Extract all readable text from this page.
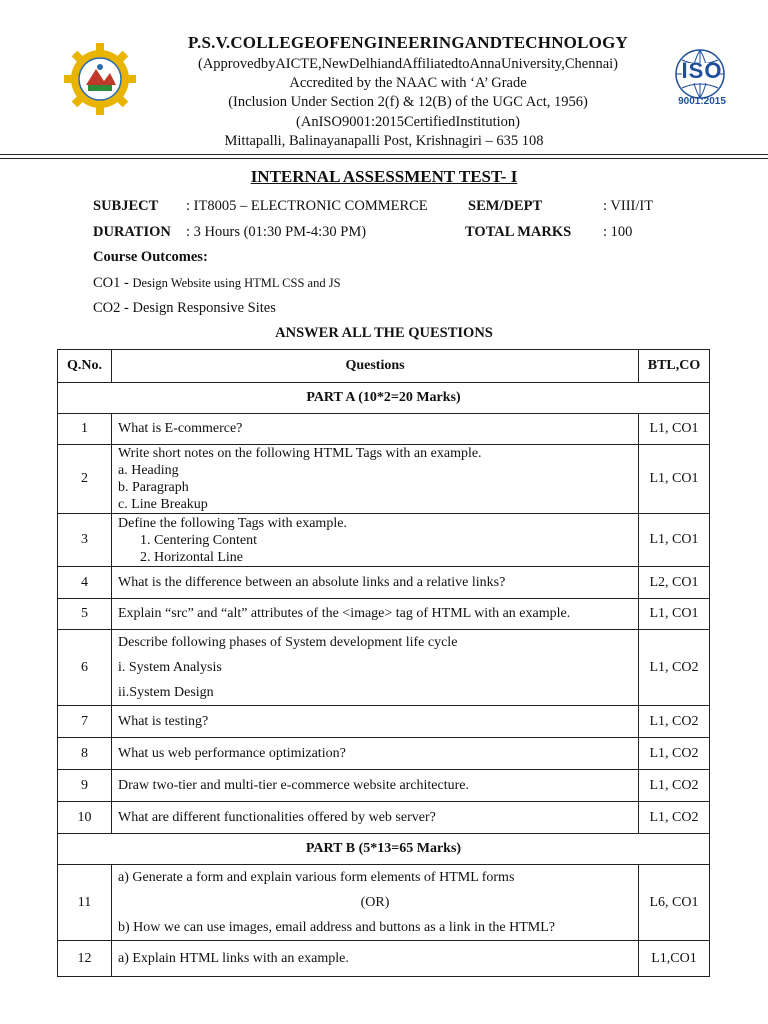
P.S.V.COLLEGEOFENGINEERINGANDTECHNOLOGY
(ApprovedbyAICTE,NewDelhiandAffiliatedtoAnnaUniversity,Chennai)
Accredited by the NAAC with ‘A’ Grade
(Inclusion Under Section 2(f) & 12(B) of the UGC Act, 1956)
(AnISO9001:2015CertifiedInstitution)
Mittapalli, Balinayanapalli Post, Krishnagiri – 635 108
ISO
9001:2015
INTERNAL ASSESSMENT TEST- I
SUBJECT : IT8005 – ELECTRONIC COMMERCE	SEM/DEPT	: VIII/IT
DURATION : 3 Hours (01:30 PM-4:30 PM)	TOTAL MARKS : 100
Course Outcomes:
CO1 - Design Website using HTML CSS and JS
CO2 - Design Responsive Sites
ANSWER ALL THE QUESTIONS
Q.No.	Questions	BTL,CO
PART A (10*2=20 Marks)		
1	What is E-commerce?	L1, CO1
2	Write short notes on the following HTML Tags with an example.
a. Heading
b. Paragraph
c. Line Breakup	L1, CO1
3	Define the following Tags with example.
1. Centering Content
2. Horizontal Line	L1, CO1
4	What is the difference between an absolute links and a relative links?	L2, CO1
5	Explain “src” and “alt” attributes of the <image> tag of HTML with an example.	L1, CO1
6	Describe following phases of System development life cycle
i. System Analysis
ii.System Design	L1, CO2
7	What is testing?	L1, CO2
8	What us web performance optimization?	L1, CO2
9	Draw two-tier and multi-tier e-commerce website architecture.	L1, CO2
10	What are different functionalities offered by web server?	L1, CO2
PART B (5*13=65 Marks)		
11	a) Generate a form and explain various form elements of HTML forms
(OR)
b) How we can use images, email address and buttons as a link in the HTML?	L6, CO1
12	a) Explain HTML links with an example.	L1,CO1
